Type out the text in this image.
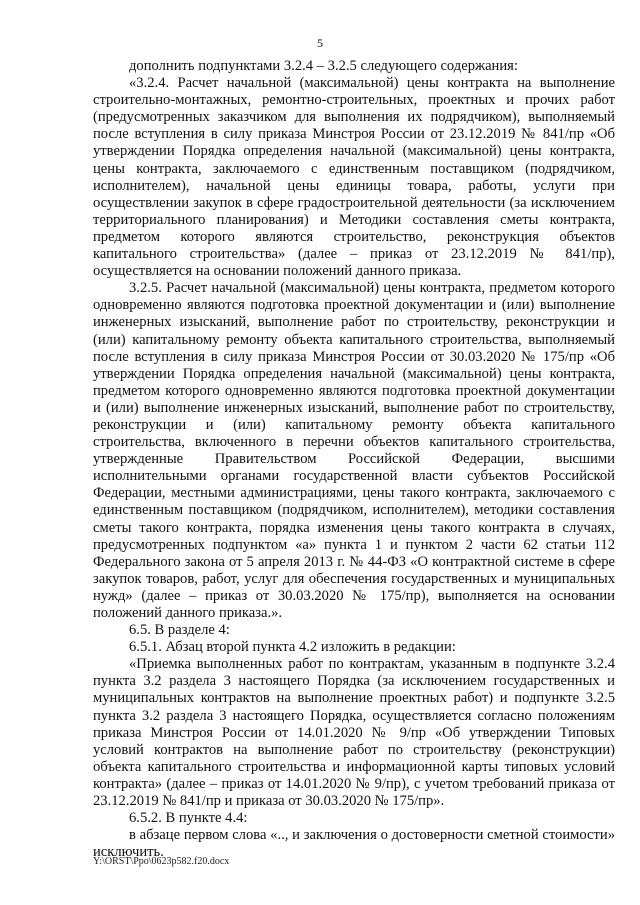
5

дополнить подпунктами 3.2.4 – 3.2.5 следующего содержания:

«3.2.4. Расчет начальной (максимальной) цены контракта на выполнение строительно-монтажных, ремонтно-строительных, проектных и прочих работ (предусмотренных заказчиком для выполнения их подрядчиком), выполняемый после вступления в силу приказа Минстроя России от 23.12.2019 № 841/пр «Об утверждении Порядка определения начальной (максимальной) цены контракта, цены контракта, заключаемого с единственным поставщиком (подрядчиком, исполнителем), начальной цены единицы товара, работы, услуги при осуществлении закупок в сфере градостроительной деятельности (за исключением территориального планирования) и Методики составления сметы контракта, предметом которого являются строительство, реконструкция объектов капитального строительства» (далее – приказ от 23.12.2019 № 841/пр), осуществляется на основании положений данного приказа.

3.2.5. Расчет начальной (максимальной) цены контракта, предметом которого одновременно являются подготовка проектной документации и (или) выполнение инженерных изысканий, выполнение работ по строительству, реконструкции и (или) капитальному ремонту объекта капитального строительства, выполняемый после вступления в силу приказа Минстроя России от 30.03.2020 № 175/пр «Об утверждении Порядка определения начальной (максимальной) цены контракта, предметом которого одновременно являются подготовка проектной документации и (или) выполнение инженерных изысканий, выполнение работ по строительству, реконструкции и (или) капитальному ремонту объекта капитального строительства, включенного в перечни объектов капитального строительства, утвержденные Правительством Российской Федерации, высшими исполнительными органами государственной власти субъектов Российской Федерации, местными администрациями, цены такого контракта, заключаемого с единственным поставщиком (подрядчиком, исполнителем), методики составления сметы такого контракта, порядка изменения цены такого контракта в случаях, предусмотренных подпунктом «а» пункта 1 и пунктом 2 части 62 статьи 112 Федерального закона от 5 апреля 2013 г. № 44-ФЗ «О контрактной системе в сфере закупок товаров, работ, услуг для обеспечения государственных и муниципальных нужд» (далее – приказ от 30.03.2020 № 175/пр), выполняется на основании положений данного приказа.».

6.5. В разделе 4:

6.5.1. Абзац второй пункта 4.2 изложить в редакции:

«Приемка выполненных работ по контрактам, указанным в подпункте 3.2.4 пункта 3.2 раздела 3 настоящего Порядка (за исключением государственных и муниципальных контрактов на выполнение проектных работ) и подпункте 3.2.5 пункта 3.2 раздела 3 настоящего Порядка, осуществляется согласно положениям приказа Минстроя России от 14.01.2020 № 9/пр «Об утверждении Типовых условий контрактов на выполнение работ по строительству (реконструкции) объекта капитального строительства и информационной карты типовых условий контракта» (далее – приказ от 14.01.2020 № 9/пр), с учетом требований приказа от 23.12.2019 № 841/пр и приказа от 30.03.2020 № 175/пр».

6.5.2. В пункте 4.4:

в абзаце первом слова «.., и заключения о достоверности сметной стоимости» исключить.

Y:\ORST\Ppo\0623p582.f20.docx
